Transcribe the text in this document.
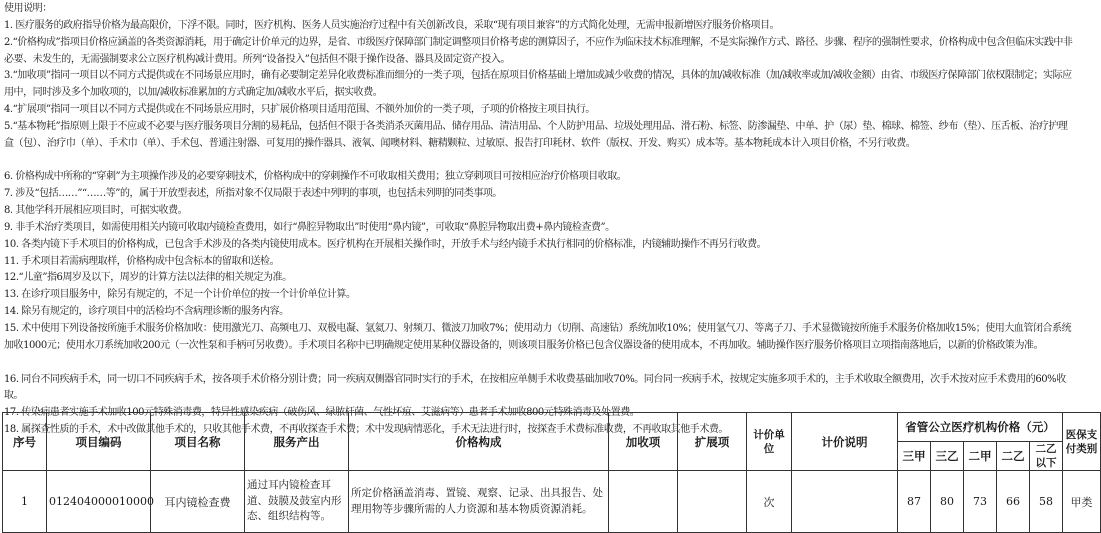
使用说明：
1. 医疗服务的政府指导价格为最高限价，下浮不限。同时，医疗机构、医务人员实施治疗过程中有关创新改良，采取“现有项目兼容”的方式简化处理，无需申报新增医疗服务价格项目。
2.“价格构成”指项目价格应涵盖的各类资源消耗，用于确定计价单元的边界，是省、市级医疗保障部门制定调整项目价格考虑的测算因子，不应作为临床技术标准理解，不是实际操作方式、路径、步骤、程序的强制性要求，价格构成中包含但临床实践中非必要、未发生的，无需强制要求公立医疗机构减计费用。所列“设备投入”包括但不限于操作设备、器具及固定资产投入。
3.“加收项”指同一项目以不同方式提供或在不同场景应用时，确有必要制定差异化收费标准而细分的一类子项，包括在原项目价格基础上增加或减少收费的情况，具体的加/减收标准（加/减收率或加/减收金额）由省、市级医疗保障部门依权限制定；实际应用中，同时涉及多个加收项的，以加/减收标准累加的方式确定加/减收水平后，据实收费。
4.“扩展项”指同一项目以不同方式提供或在不同场景应用时，只扩展价格项目适用范围、不额外加价的一类子项，子项的价格按主项目执行。
5.“基本物耗”指原则上限于不应或不必要与医疗服务项目分割的易耗品，包括但不限于各类消杀灭菌用品、储存用品、清洁用品、个人防护用品、垃圾处理用品、滑石粉、标签、防渗漏垫、中单、护（尿）垫、棉球、棉签、纱布（垫）、压舌板、治疗护理盒（包）、治疗巾（单）、手术巾（单）、手术包、普通注射器、可复用的操作器具、液氧、闻噢材料、糖精颗粒、过敏原、报告打印耗材、软件（版权、开发、购买）成本等。基本物耗成本计入项目价格，不另行收费。
6. 价格构成中所称的“穿刺”为主项操作涉及的必要穿刺技术，价格构成中的穿刺操作不可收取相关费用；独立穿刺项目可按相应治疗价格项目收取。
7. 涉及“包括……”“……等”的，属于开放型表述，所指对象不仅局限于表述中列明的事项，也包括未列明的同类事项。
8. 其他学科开展相应项目时，可据实收费。
9. 非手术治疗类项目，如需使用相关内镜可收取内镜检查费用，如行“鼻腔异物取出”时使用“鼻内镜”，可收取“鼻腔异物取出费+鼻内镜检查费”。
10. 各类内镜下手术项目的价格构成，已包含手术涉及的各类内镜使用成本。医疗机构在开展相关操作时，开放手术与经内镜手术执行相同的价格标准，内镜辅助操作不再另行收费。
11. 手术项目若需病理取样，价格构成中包含标本的留取和送检。
12.“儿童”指6周岁及以下，周岁的计算方法以法律的相关规定为准。
13. 在诊疗项目服务中，除另有规定的，不足一个计价单位的按一个计价单位计算。
14. 除另有规定的，诊疗项目中的活检均不含病理诊断的服务内容。
15. 术中使用下列设备按所施手术服务价格加收：使用激光刀、高频电刀、双极电凝、氩氦刀、射频刀、微波刀加收7%；使用动力（切削、高速钻）系统加收10%；使用氩气刀、等离子刀、手术显微镜按所施手术服务价格加收15%；使用大血管闭合系统加收1000元；使用水刀系统加收200元（一次性泵和手柄可另收费）。手术项目名称中已明确规定使用某种仪器设备的，则该项目服务价格已包含仪器设备的使用成本，不再加收。辅助操作医疗服务价格项目立项指南落地后，以新的价格政策为准。
16. 同台不同疾病手术，同一切口不同疾病手术，按各项手术价格分别计费；同一疾病双侧器官同时实行的手术，在按相应单侧手术收费基础加收70%。同台同一疾病手术，按规定实施多项手术的，主手术收取全额费用，次手术按对应手术费用的60%收取。
17. 传染病患者实施手术加收100元特殊消毒费，特异性感染疾病（破伤风、绿脓杆菌、气性坏疽、艾滋病等）患者手术加收800元特殊消毒及处置费。
18. 属探查性质的手术，术中改做其他手术的，只收其他手术费，不再收探查手术费；术中发现病情恶化，手术无法进行时，按探查手术费标准收费，不再收取其他手术费。
序号	项目编码	项目名称	服务产出	价格构成	加收项	扩展项	计价单位	计价说明	省管公立医疗机构价格（元）					医保支付类别
									三甲	三乙	二甲	二乙	二乙以下	
1	012404000010000	耳内镜检查费	通过耳内镜检查耳道、鼓膜及鼓室内形态、组织结构等。	所定价格涵盖消毒、置镜、观察、记录、出具报告、处理用物等步骤所需的人力资源和基本物质资源消耗。			次		87	80	73	66	58	甲类
